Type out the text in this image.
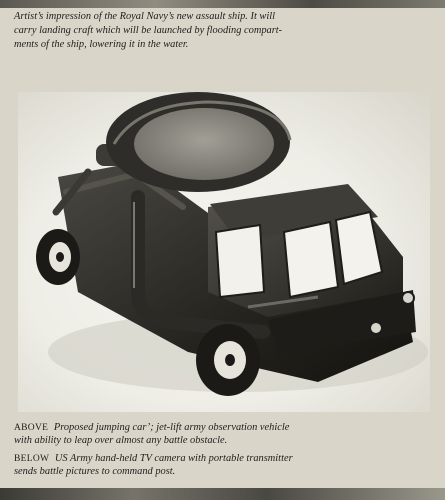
Artist’s impression of the Royal Navy’s new assault ship. It will
carry landing craft which will be launched by flooding compart-
ments of the ship, lowering it in the water.

ABOVE Proposed jumping car’; jet-lift army observation vehicle
with ability to leap over almost any battle obstacle.

BELOW US Army hand-held TV camera with portable transmitter
sends battle pictures to command post.
